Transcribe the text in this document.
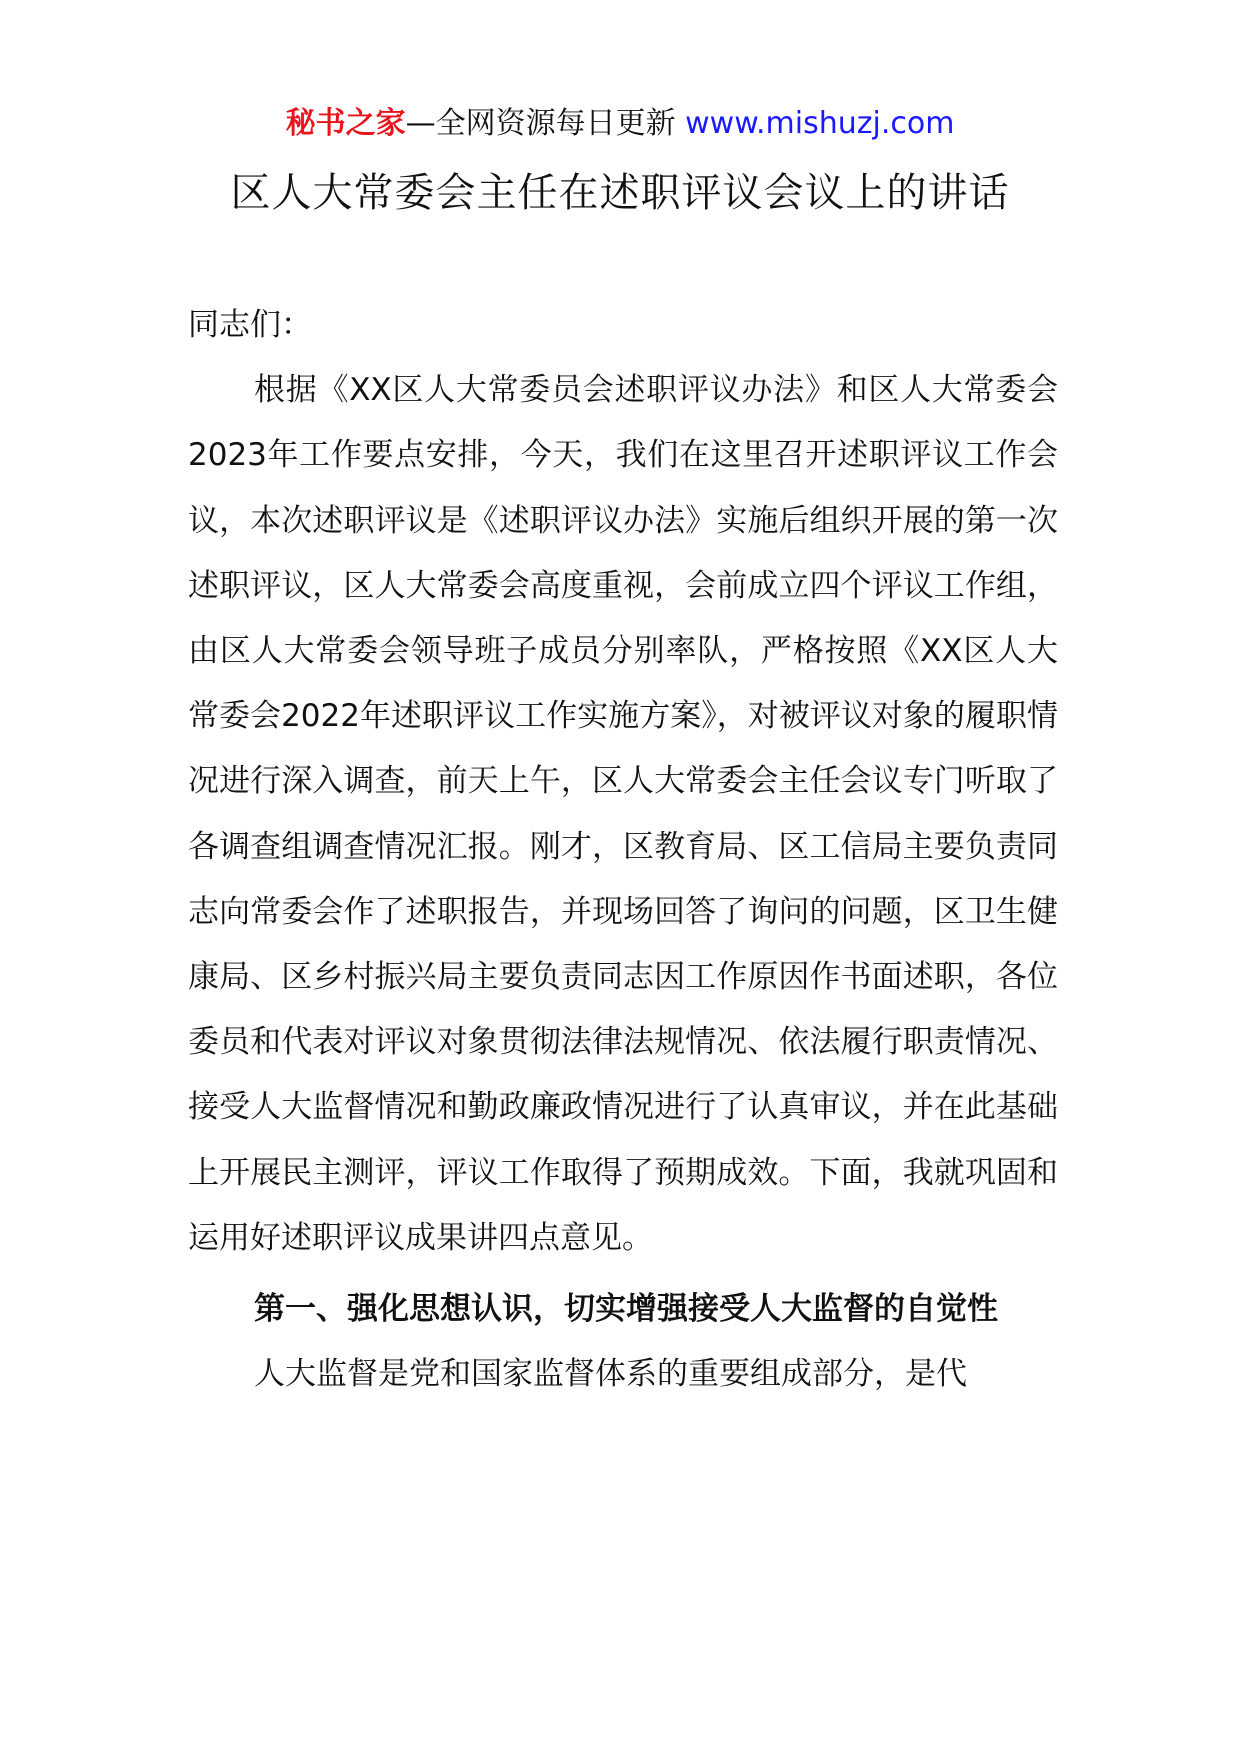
秘书之家—全网资源每日更新 www.mishuzj.com
区人大常委会主任在述职评议会议上的讲话

同志们：

根据《XX区人大常委员会述职评议办法》和区人大常委会2023年工作要点安排，今天，我们在这里召开述职评议工作会议，本次述职评议是《述职评议办法》实施后组织开展的第一次述职评议，区人大常委会高度重视，会前成立四个评议工作组，由区人大常委会领导班子成员分别率队，严格按照《XX区人大常委会2022年述职评议工作实施方案》，对被评议对象的履职情况进行深入调查，前天上午，区人大常委会主任会议专门听取了各调查组调查情况汇报。刚才，区教育局、区工信局主要负责同志向常委会作了述职报告，并现场回答了询问的问题，区卫生健康局、区乡村振兴局主要负责同志因工作原因作书面述职，各位委员和代表对评议对象贯彻法律法规情况、依法履行职责情况、接受人大监督情况和勤政廉政情况进行了认真审议，并在此基础上开展民主测评，评议工作取得了预期成效。下面，我就巩固和运用好述职评议成果讲四点意见。

第一、强化思想认识，切实增强接受人大监督的自觉性

人大监督是党和国家监督体系的重要组成部分，是代
